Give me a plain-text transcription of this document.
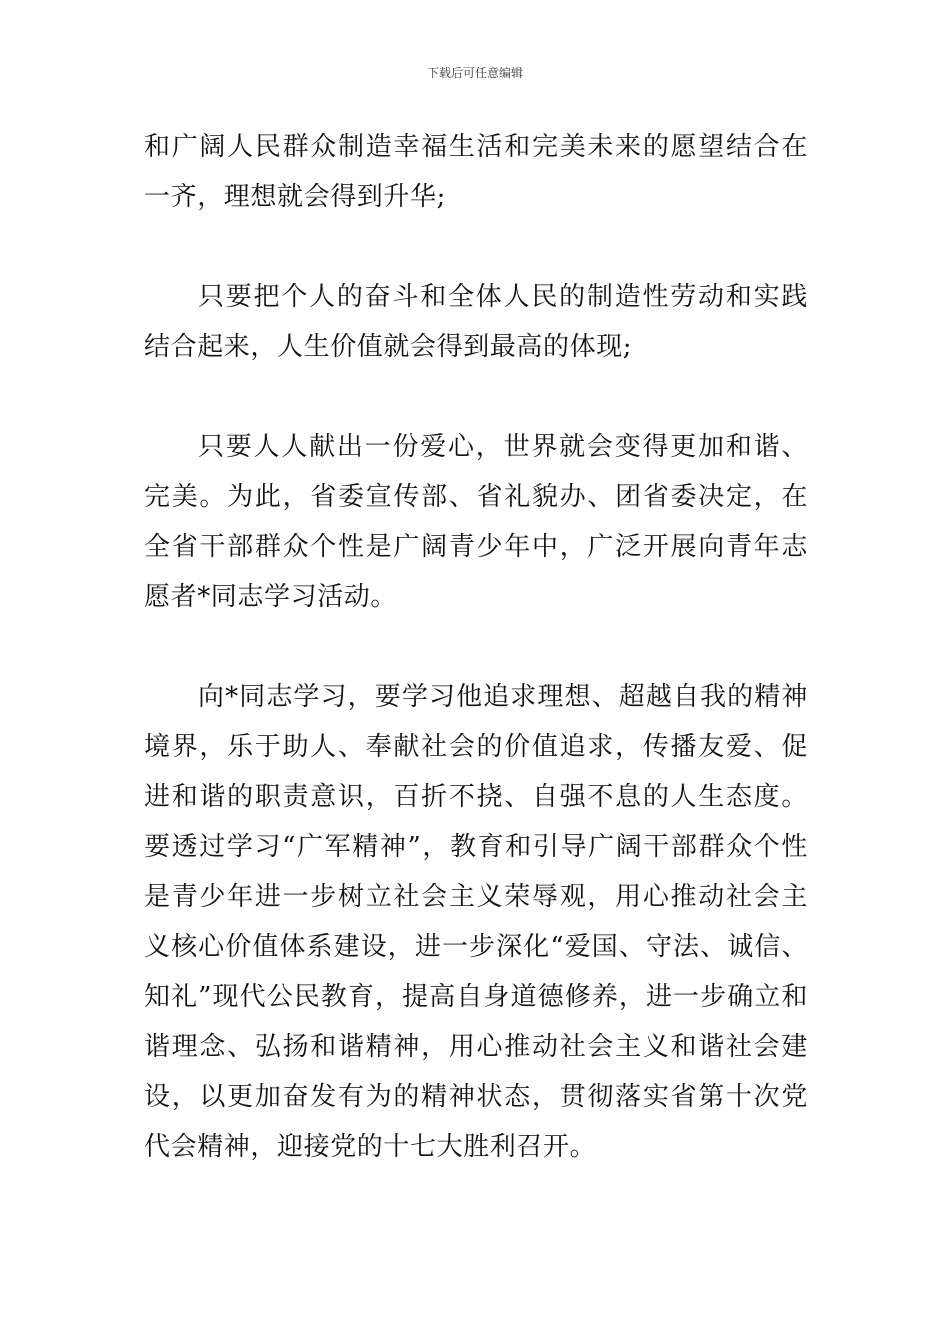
下载后可任意编辑

和广阔人民群众制造幸福生活和完美未来的愿望结合在一齐，理想就会得到升华;

只要把个人的奋斗和全体人民的制造性劳动和实践结合起来，人生价值就会得到最高的体现;

只要人人献出一份爱心，世界就会变得更加和谐、完美。为此，省委宣传部、省礼貌办、团省委决定，在全省干部群众个性是广阔青少年中，广泛开展向青年志愿者*同志学习活动。

向*同志学习，要学习他追求理想、超越自我的精神境界，乐于助人、奉献社会的价值追求，传播友爱、促进和谐的职责意识，百折不挠、自强不息的人生态度。要透过学习“广军精神”，教育和引导广阔干部群众个性是青少年进一步树立社会主义荣辱观，用心推动社会主义核心价值体系建设，进一步深化“爱国、守法、诚信、知礼”现代公民教育，提高自身道德修养，进一步确立和谐理念、弘扬和谐精神，用心推动社会主义和谐社会建设，以更加奋发有为的精神状态，贯彻落实省第十次党代会精神，迎接党的十七大胜利召开。
